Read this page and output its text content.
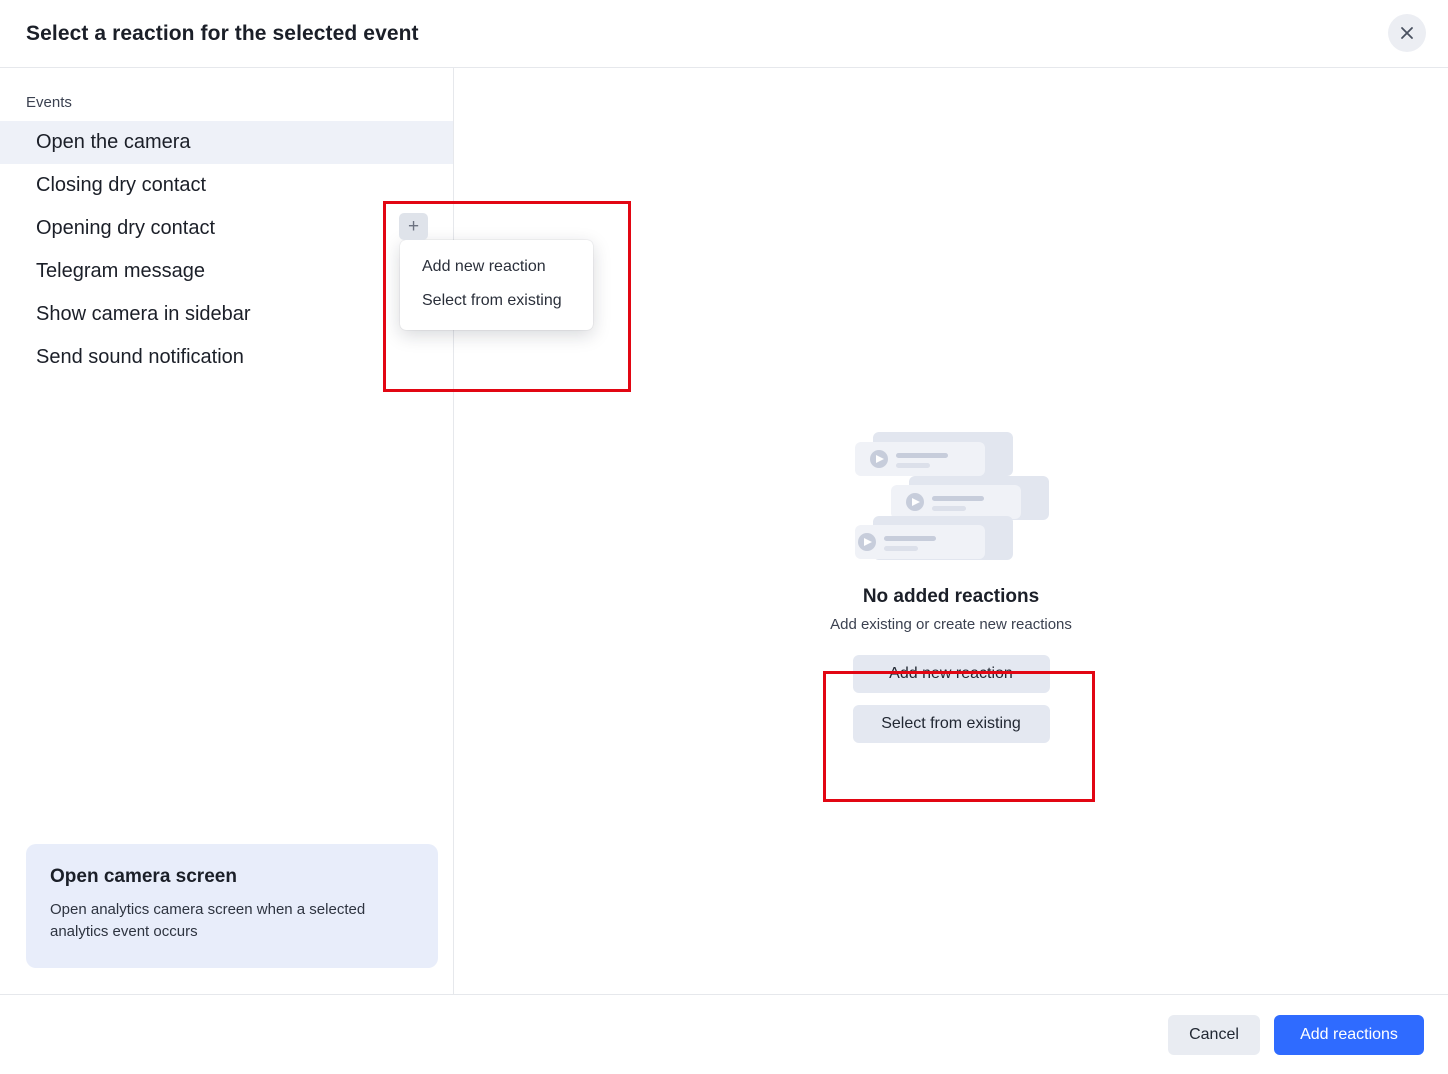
Select a reaction for the selected event
Events
Open the camera
Closing dry contact
Opening dry contact
Telegram message
Show camera in sidebar
Send sound notification
+
Add new reaction
Select from existing
Open camera screen
Open analytics camera screen when a selected analytics event occurs
No added reactions
Add existing or create new reactions
Add new reaction
Select from existing
Cancel	Add reactions
